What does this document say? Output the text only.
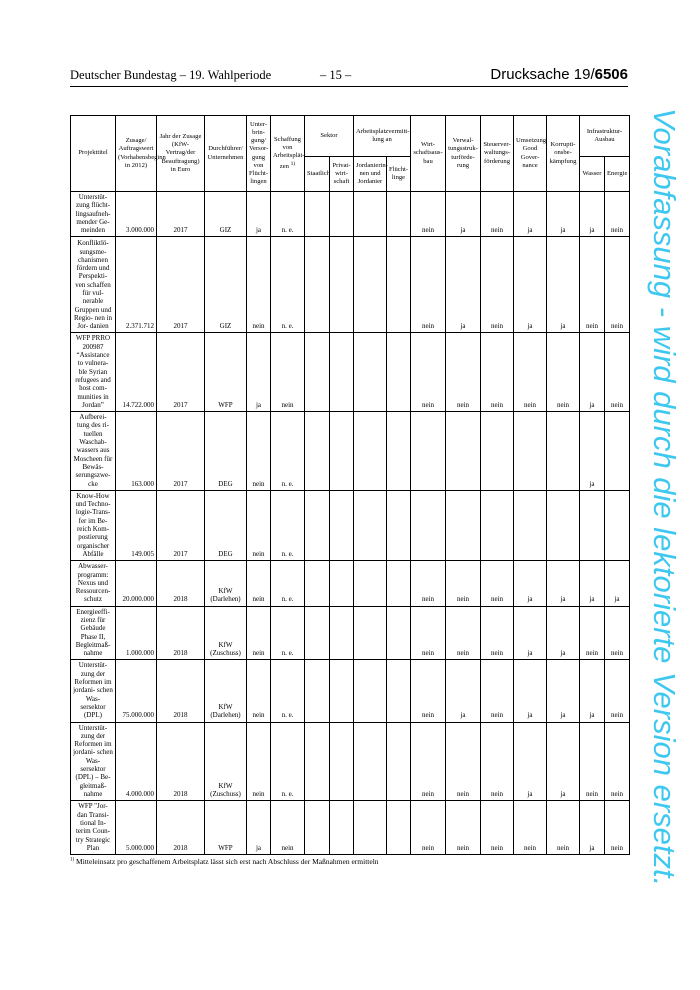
Deutscher Bundestag – 19. Wahlperiode	– 15 –	Drucksache 19/6506
Projekttitel	Zusage/ Auftragswert (Vorhabensbeginn in 2012)	Jahr der Zusage (KfW-Vertrag/der Beauftragung) in Euro	Durchführer/ Unternehmen	Unter- brin- gung/ Versor- gung von Flücht- lingen	Schaffung von Arbeitsplät- zen $^{1)}$	Sektor		Arbeitsplatzvermitt- lung an		Wirt- schaftsaus- bau	Verwal- tungsstruk- turförde- rung	Steuerver- waltungs- förderung	Umsetzung Good Gover- nance	Korrupti- onsbe- kämpfung	Infrastruktur- Ausbau	
						Staatlich	Privat- wirt- schaft	Jordanierin- nen und Jordanier	Flücht- linge							
															Wasser	Energie
Unterstüt- zung flücht- lingsaufneh- mender Ge- meinden	3.000.000	2017	GIZ	ja	n. e.					nein	ja	nein	ja	ja	ja	nein
Konfliktlö- sungsme- chanismen fördern und Perspekti- ven schaffen für vul- nerable Gruppen und Regio- nen in Jor- danien	2.371.712	2017	GIZ	nein	n. e.					nein	ja	nein	ja	ja	nein	nein
WFP PRRO 200987 “Assistance to vulnera- ble Syrian refugees and host com- munities in Jordan”	14.722.000	2017	WFP	ja	nein					nein	nein	nein	nein	nein	ja	nein
Aufberei- tung des ri- tuellen Waschab- wassers aus Moscheen für Bewäs- serungszwe- cke	163.000	2017	DEG	nein	n. e.										ja	
Know-How und Techno- logie-Trans- fer im Be- reich Kom- postierung organischer Abfälle	149.005	2017	DEG	nein	n. e.											
Abwasser- programm: Nexus und Ressourcen- schutz	20.000.000	2018	KfW (Darlehen)	nein	n. e.					nein	nein	nein	ja	ja	ja	ja
Energieeffi- zienz für Gebäude Phase II, Begleitmaß- nahme	1.000.000	2018	KfW (Zuschuss)	nein	n. e.					nein	nein	nein	ja	ja	nein	nein
Unterstüt- zung der Reformen im jordani- schen Was- sersektor (DPL)	75.000.000	2018	KfW (Darlehen)	nein	n. e.					nein	ja	nein	ja	ja	ja	nein
Unterstüt- zung der Reformen im jordani- schen Was- sersektor (DPL) – Be- gleitmaß- nahme	4.000.000	2018	KfW (Zuschuss)	nein	n. e.					nein	nein	nein	ja	ja	nein	nein
WFP "Jor- dan Transi- tional In- terim Coun- try Strategic Plan	5.000.000	2018	WFP	ja	nein					nein	nein	nein	nein	nein	ja	nein
$^{1)}$ Mitteleinsatz pro geschaffenem Arbeitsplatz lässt sich erst nach Abschluss der Maßnahmen ermitteln	Vorabfassung - wird durch die lektorierte Version ersetzt.
